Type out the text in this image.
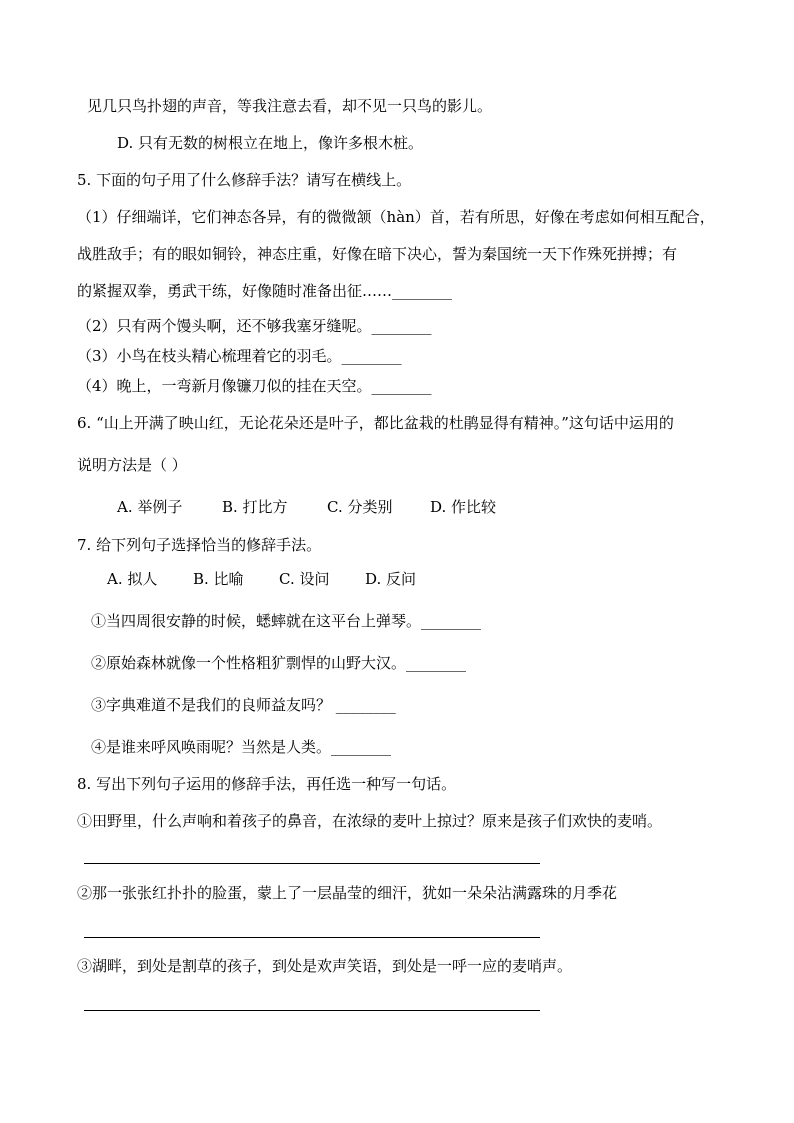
见几只鸟扑翅的声音，等我注意去看，却不见一只鸟的影儿。
D. 只有无数的树根立在地上，像许多根木桩。
5. 下面的句子用了什么修辞手法？请写在横线上。
（1）仔细端详，它们神态各异，有的微微颔（hàn）首，若有所思，好像在考虑如何相互配合，
战胜敌手；有的眼如铜铃，神态庄重，好像在暗下决心，誓为秦国统一天下作殊死拼搏；有
的紧握双拳，勇武干练，好像随时准备出征……________
（2）只有两个馒头啊，还不够我塞牙缝呢。________
（3）小鸟在枝头精心梳理着它的羽毛。________
（4）晚上，一弯新月像镰刀似的挂在天空。________
6. “山上开满了映山红，无论花朵还是叶子，都比盆栽的杜鹃显得有精神。”这句话中运用的
说明方法是（ ）
A. 举例子	B. 打比方	C. 分类别	D. 作比较
7. 给下列句子选择恰当的修辞手法。
A. 拟人 B. 比喻 C. 设问 D. 反问
①当四周很安静的时候，蟋蟀就在这平台上弹琴。________
②原始森林就像一个性格粗犷剽悍的山野大汉。________
③字典难道不是我们的良师益友吗？ ________
④是谁来呼风唤雨呢？当然是人类。________
8. 写出下列句子运用的修辞手法，再任选一种写一句话。
①田野里，什么声响和着孩子的鼻音，在浓绿的麦叶上掠过？原来是孩子们欢快的麦哨。
②那一张张红扑扑的脸蛋，蒙上了一层晶莹的细汗，犹如一朵朵沾满露珠的月季花
③湖畔，到处是割草的孩子，到处是欢声笑语，到处是一呼一应的麦哨声。
